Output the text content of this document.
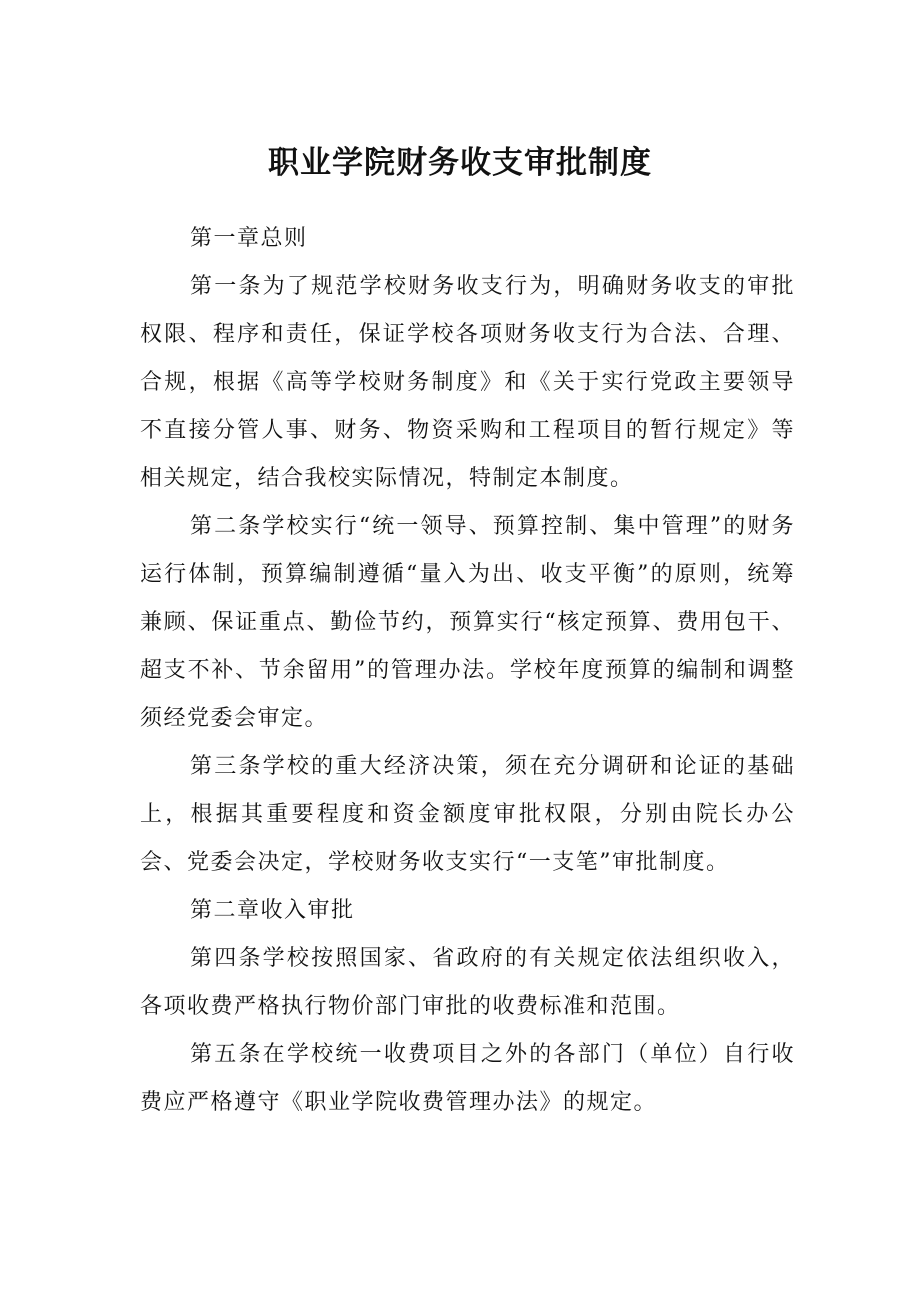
职业学院财务收支审批制度

第一章总则

第一条为了规范学校财务收支行为，明确财务收支的审批权限、程序和责任，保证学校各项财务收支行为合法、合理、合规，根据《高等学校财务制度》和《关于实行党政主要领导不直接分管人事、财务、物资采购和工程项目的暂行规定》等相关规定，结合我校实际情况，特制定本制度。

第二条学校实行“统一领导、预算控制、集中管理”的财务运行体制，预算编制遵循“量入为出、收支平衡”的原则，统筹兼顾、保证重点、勤俭节约，预算实行“核定预算、费用包干、超支不补、节余留用”的管理办法。学校年度预算的编制和调整须经党委会审定。

第三条学校的重大经济决策，须在充分调研和论证的基础上，根据其重要程度和资金额度审批权限，分别由院长办公会、党委会决定，学校财务收支实行“一支笔”审批制度。

第二章收入审批

第四条学校按照国家、省政府的有关规定依法组织收入，各项收费严格执行物价部门审批的收费标准和范围。

第五条在学校统一收费项目之外的各部门（单位）自行收费应严格遵守《职业学院收费管理办法》的规定。
